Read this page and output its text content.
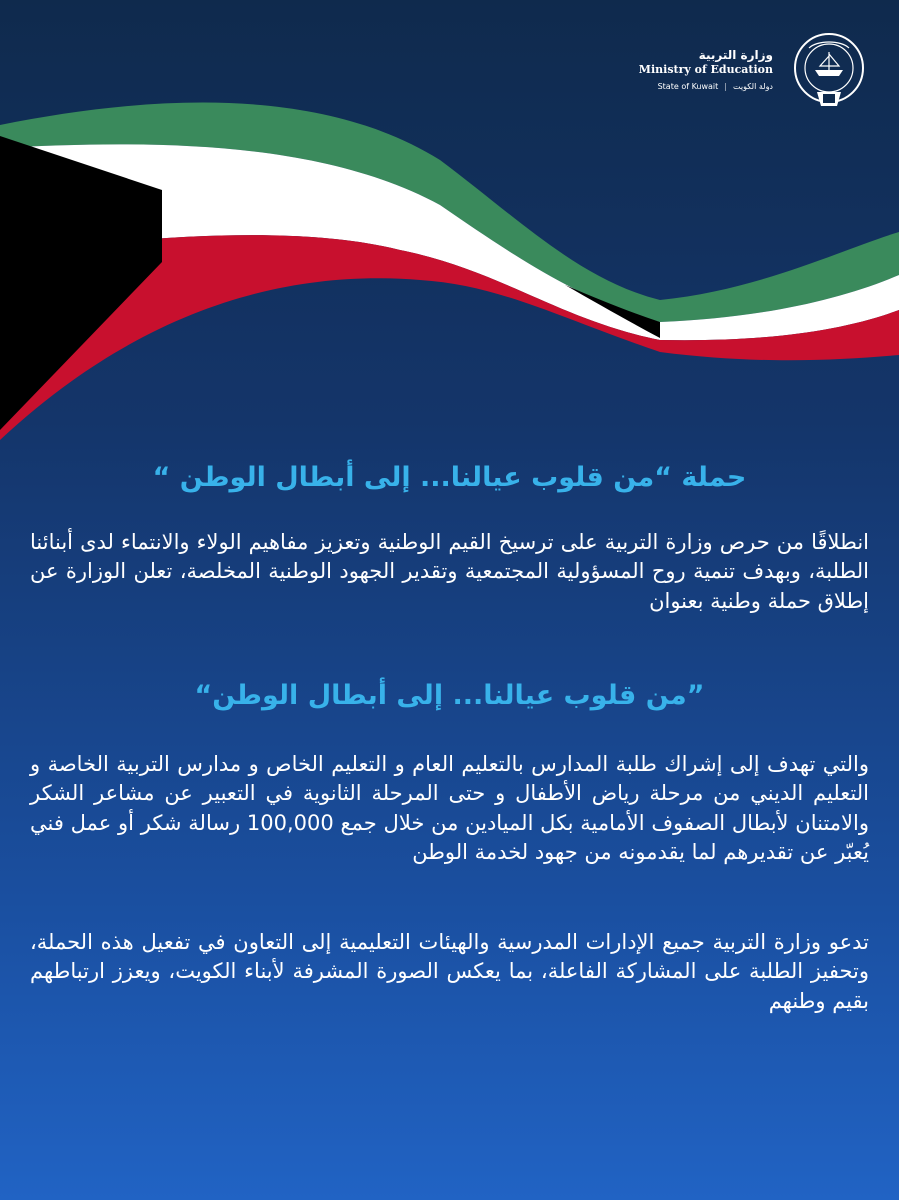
وزارة التربية
Ministry of Education
State of Kuwait | دولة الكويت
حملة “من قلوب عيالنا... إلى أبطال الوطن “
انطلاقًا من حرص وزارة التربية على ترسيخ القيم الوطنية وتعزيز مفاهيم الولاء والانتماء لدى أبنائنا الطلبة، وبهدف تنمية روح المسؤولية المجتمعية وتقدير الجهود الوطنية المخلصة، تعلن الوزارة عن إطلاق حملة وطنية بعنوان
”من قلوب عيالنا... إلى أبطال الوطن“
والتي تهدف إلى إشراك طلبة المدارس بالتعليم العام و التعليم الخاص و مدارس التربية الخاصة و التعليم الديني من مرحلة رياض الأطفال و حتى المرحلة الثانوية في التعبير عن مشاعر الشكر والامتنان لأبطال الصفوف الأمامية بكل الميادين من خلال جمع 100,000 رسالة شكر أو عمل فني يُعبّر عن تقديرهم لما يقدمونه من جهود لخدمة الوطن
تدعو وزارة التربية جميع الإدارات المدرسية والهيئات التعليمية إلى التعاون في تفعيل هذه الحملة، وتحفيز الطلبة على المشاركة الفاعلة، بما يعكس الصورة المشرفة لأبناء الكويت، ويعزز ارتباطهم بقيم وطنهم
